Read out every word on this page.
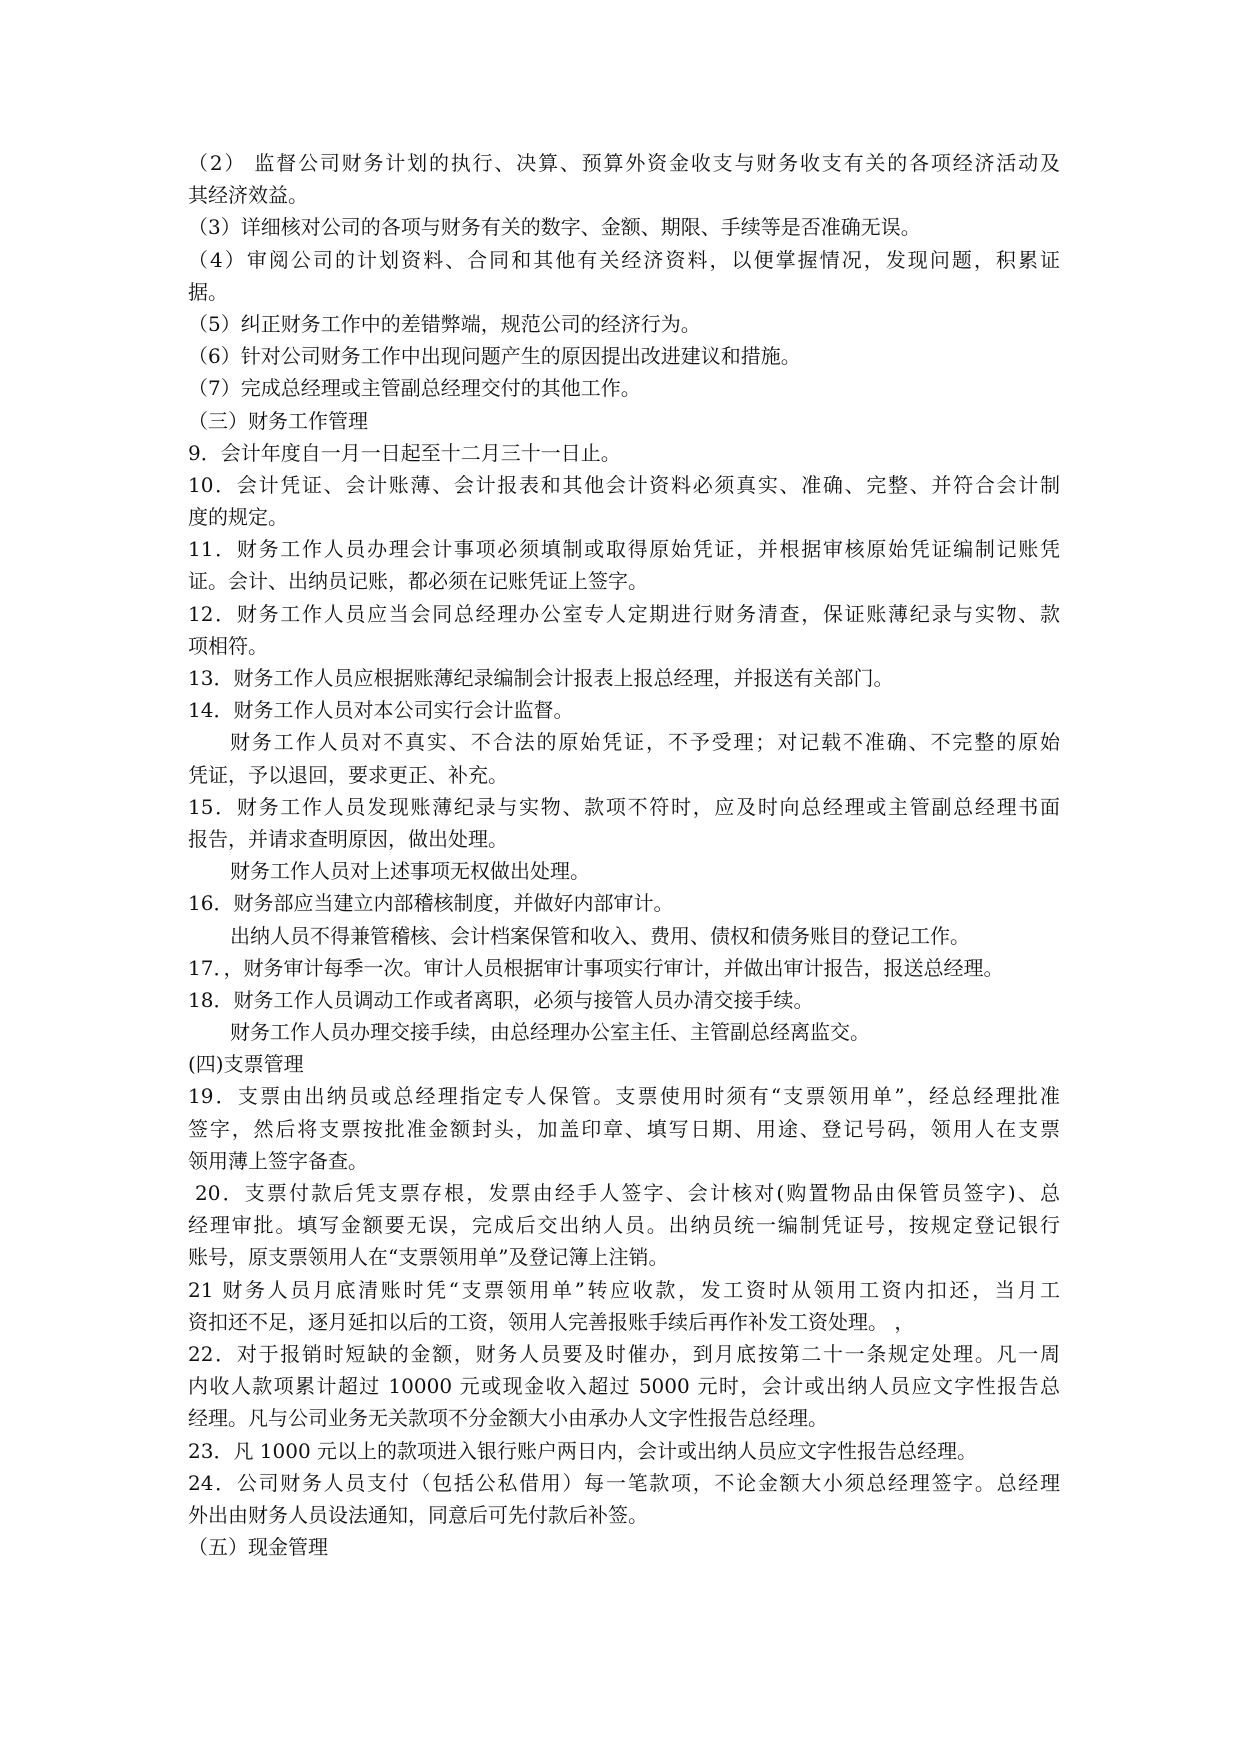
（2） 监督公司财务计划的执行、决算、预算外资金收支与财务收支有关的各项经济活动及
其经济效益。
（3）详细核对公司的各项与财务有关的数字、金额、期限、手续等是否准确无误。
（4）审阅公司的计划资料、合同和其他有关经济资料，以便掌握情况，发现问题，积累证
据。
（5）纠正财务工作中的差错弊端，规范公司的经济行为。
（6）针对公司财务工作中出现问题产生的原因提出改进建议和措施。
（7）完成总经理或主管副总经理交付的其他工作。
（三）财务工作管理
9．会计年度自一月一日起至十二月三十一日止。
10．会计凭证、会计账薄、会计报表和其他会计资料必须真实、准确、完整、并符合会计制
度的规定。
11．财务工作人员办理会计事项必须填制或取得原始凭证，并根据审核原始凭证编制记账凭
证。会计、出纳员记账，都必须在记账凭证上签字。
12．财务工作人员应当会同总经理办公室专人定期进行财务清查，保证账薄纪录与实物、款
项相符。
13．财务工作人员应根据账薄纪录编制会计报表上报总经理，并报送有关部门。
14．财务工作人员对本公司实行会计监督。
财务工作人员对不真实、不合法的原始凭证，不予受理；对记载不准确、不完整的原始
凭证，予以退回，要求更正、补充。
15．财务工作人员发现账薄纪录与实物、款项不符时，应及时向总经理或主管副总经理书面
报告，并请求查明原因，做出处理。
财务工作人员对上述事项无权做出处理。
16．财务部应当建立内部稽核制度，并做好内部审计。
出纳人员不得兼管稽核、会计档案保管和收入、费用、债权和债务账目的登记工作。
17．，财务审计每季一次。审计人员根据审计事项实行审计，并做出审计报告，报送总经理。
18．财务工作人员调动工作或者离职，必须与接管人员办清交接手续。
财务工作人员办理交接手续，由总经理办公室主任、主管副总经离监交。
(四)支票管理
19．支票由出纳员或总经理指定专人保管。支票使用时须有“支票领用单”，经总经理批准
签字，然后将支票按批准金额封头，加盖印章、填写日期、用途、登记号码，领用人在支票
领用薄上签字备查。
20．支票付款后凭支票存根，发票由经手人签字、会计核对(购置物品由保管员签字)、总
经理审批。填写金额要无误，完成后交出纳人员。出纳员统一编制凭证号，按规定登记银行
账号，原支票领用人在“支票领用单”及登记簿上注销。
21 财务人员月底清账时凭“支票领用单”转应收款，发工资时从领用工资内扣还，当月工
资扣还不足，逐月延扣以后的工资，领用人完善报账手续后再作补发工资处理。 ，
22．对于报销时短缺的金额，财务人员要及时催办，到月底按第二十一条规定处理。凡一周
内收人款项累计超过 10000 元或现金收入超过 5000 元时，会计或出纳人员应文字性报告总
经理。凡与公司业务无关款项不分金额大小由承办人文字性报告总经理。
23．凡 1000 元以上的款项进入银行账户两日内，会计或出纳人员应文字性报告总经理。
24．公司财务人员支付（包括公私借用）每一笔款项，不论金额大小须总经理签字。总经理
外出由财务人员设法通知，同意后可先付款后补签。
（五）现金管理
